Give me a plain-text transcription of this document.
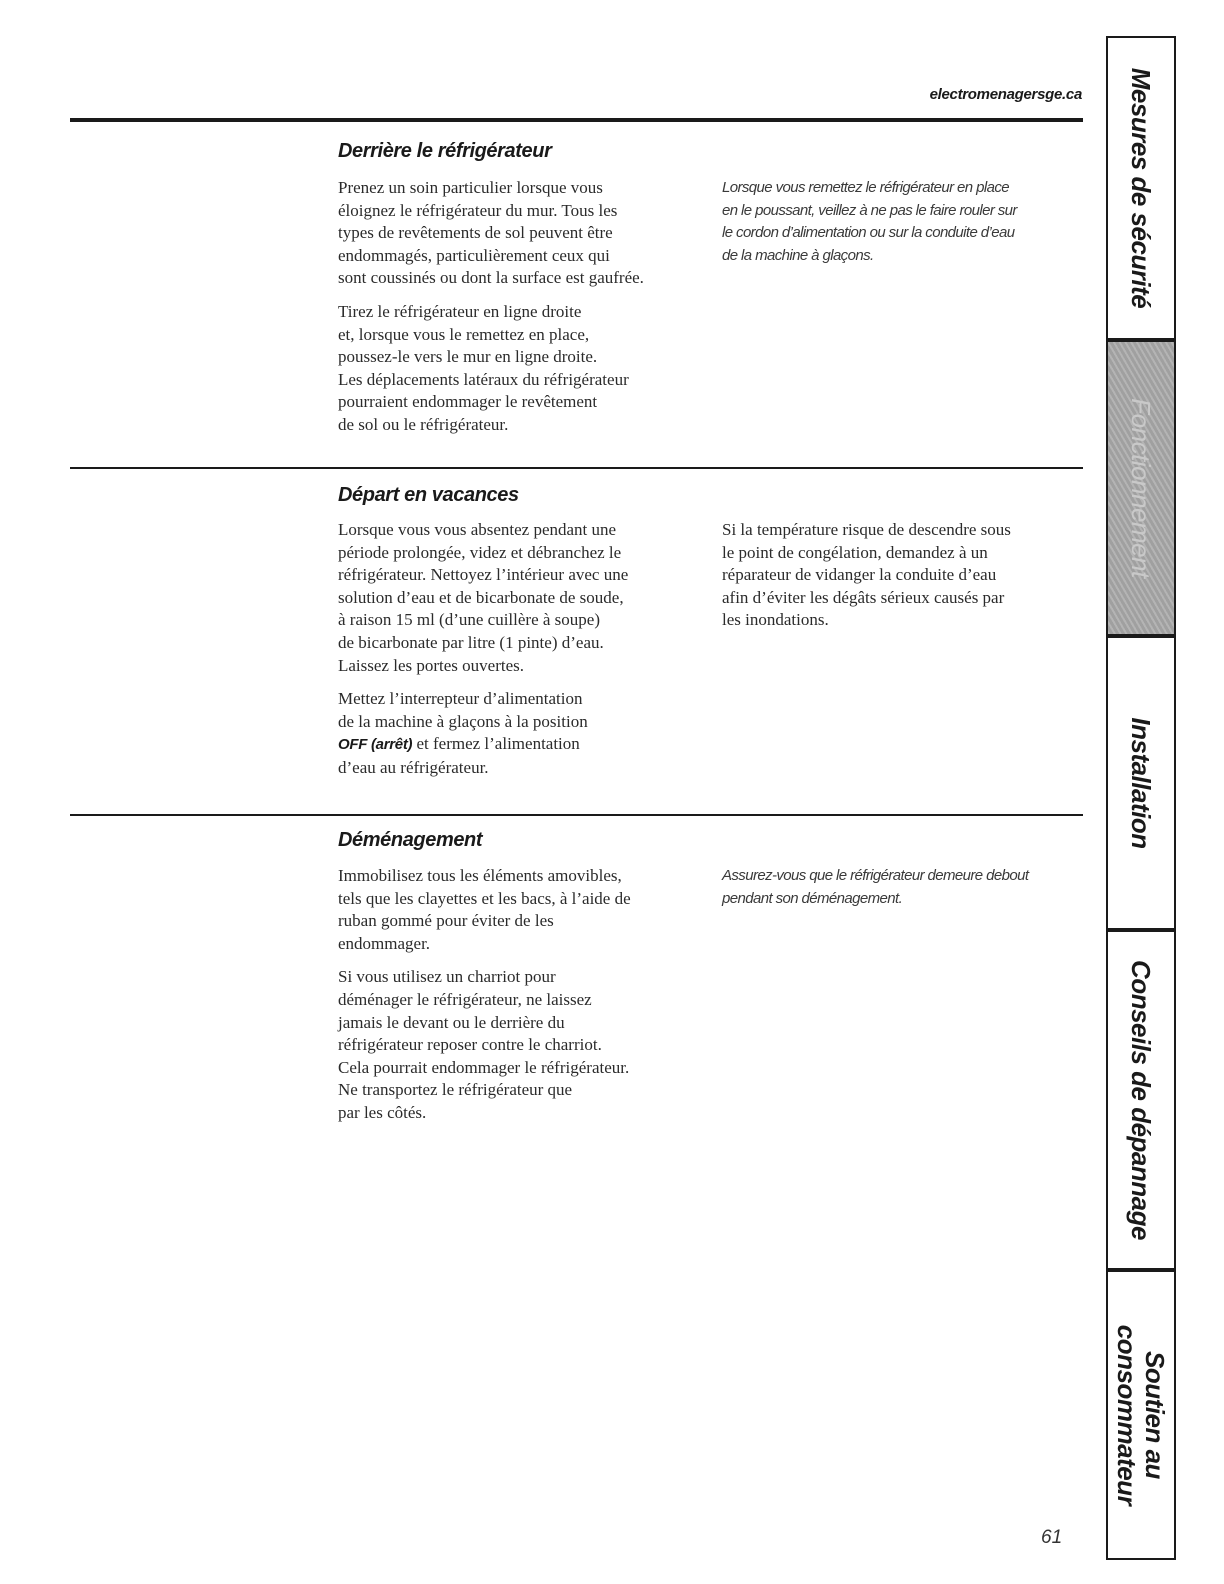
electromenagersge.ca
Derrière le réfrigérateur

Prenez un soin particulier lorsque vous
éloignez le réfrigérateur du mur. Tous les
types de revêtements de sol peuvent être
endommagés, particulièrement ceux qui
sont coussinés ou dont la surface est gaufrée.

Tirez le réfrigérateur en ligne droite
et, lorsque vous le remettez en place,
poussez-le vers le mur en ligne droite.
Les déplacements latéraux du réfrigérateur
pourraient endommager le revêtement
de sol ou le réfrigérateur.

Lorsque vous remettez le réfrigérateur en place
en le poussant, veillez à ne pas le faire rouler sur
le cordon d’alimentation ou sur la conduite d’eau
de la machine à glaçons.

Départ en vacances

Lorsque vous vous absentez pendant une
période prolongée, videz et débranchez le
réfrigérateur. Nettoyez l’intérieur avec une
solution d’eau et de bicarbonate de soude,
à raison 15 ml (d’une cuillère à soupe)
de bicarbonate par litre (1 pinte) d’eau.
Laissez les portes ouvertes.

Mettez l’interrepteur d’alimentation
de la machine à glaçons à la position
OFF (arrêt) et fermez l’alimentation
d’eau au réfrigérateur.

Si la température risque de descendre sous
le point de congélation, demandez à un
réparateur de vidanger la conduite d’eau
afin d’éviter les dégâts sérieux causés par
les inondations.

Déménagement

Immobilisez tous les éléments amovibles,
tels que les clayettes et les bacs, à l’aide de
ruban gommé pour éviter de les
endommager.

Si vous utilisez un charriot pour
déménager le réfrigérateur, ne laissez
jamais le devant ou le derrière du
réfrigérateur reposer contre le charriot.
Cela pourrait endommager le réfrigérateur.
Ne transportez le réfrigérateur que
par les côtés.

Assurez-vous que le réfrigérateur demeure debout
pendant son déménagement.

Mesures de sécurité
Fonctionnement
Installation
Conseils de dépannage
Soutien au
consommateur
61
